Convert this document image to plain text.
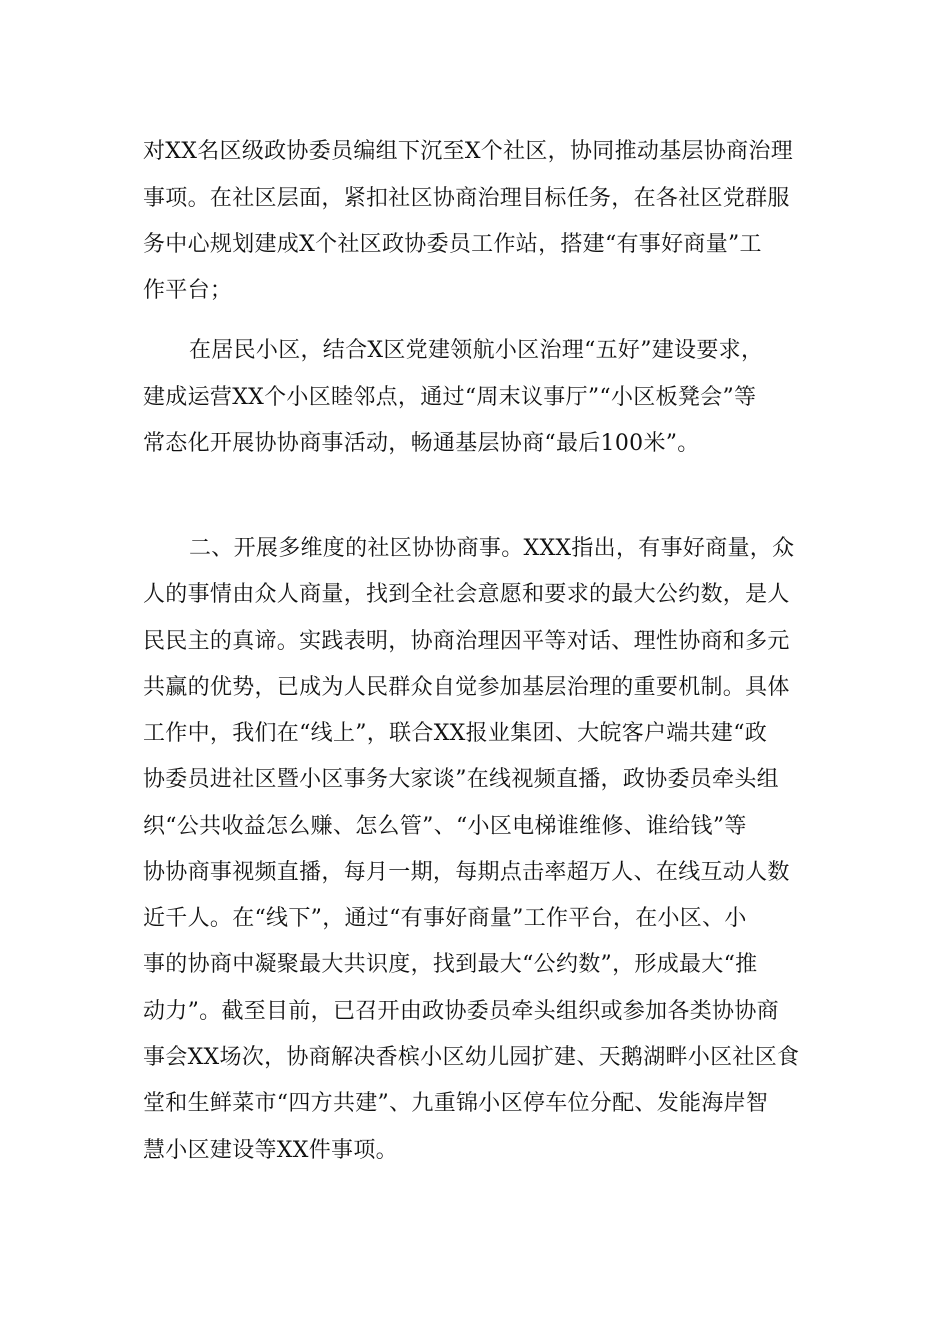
对XX名区级政协委员编组下沉至X个社区，协同推动基层协商治理
事项。在社区层面，紧扣社区协商治理目标任务，在各社区党群服
务中心规划建成X个社区政协委员工作站，搭建“有事好商量”工
作平台；
在居民小区，结合X区党建领航小区治理“五好”建设要求，
建成运营XX个小区睦邻点，通过“周末议事厅”“小区板凳会”等
常态化开展协协商事活动，畅通基层协商“最后100米”。
二、开展多维度的社区协协商事。XXX指出，有事好商量，众
人的事情由众人商量，找到全社会意愿和要求的最大公约数，是人
民民主的真谛。实践表明，协商治理因平等对话、理性协商和多元
共赢的优势，已成为人民群众自觉参加基层治理的重要机制。具体
工作中，我们在“线上”，联合XX报业集团、大皖客户端共建“政
协委员进社区暨小区事务大家谈”在线视频直播，政协委员牵头组
织“公共收益怎么赚、怎么管”、“小区电梯谁维修、谁给钱”等
协协商事视频直播，每月一期，每期点击率超万人、在线互动人数
近千人。在“线下”，通过“有事好商量”工作平台，在小区、小
事的协商中凝聚最大共识度，找到最大“公约数”，形成最大“推
动力”。截至目前，已召开由政协委员牵头组织或参加各类协协商
事会XX场次，协商解决香槟小区幼儿园扩建、天鹅湖畔小区社区食
堂和生鲜菜市“四方共建”、九重锦小区停车位分配、发能海岸智
慧小区建设等XX件事项。
